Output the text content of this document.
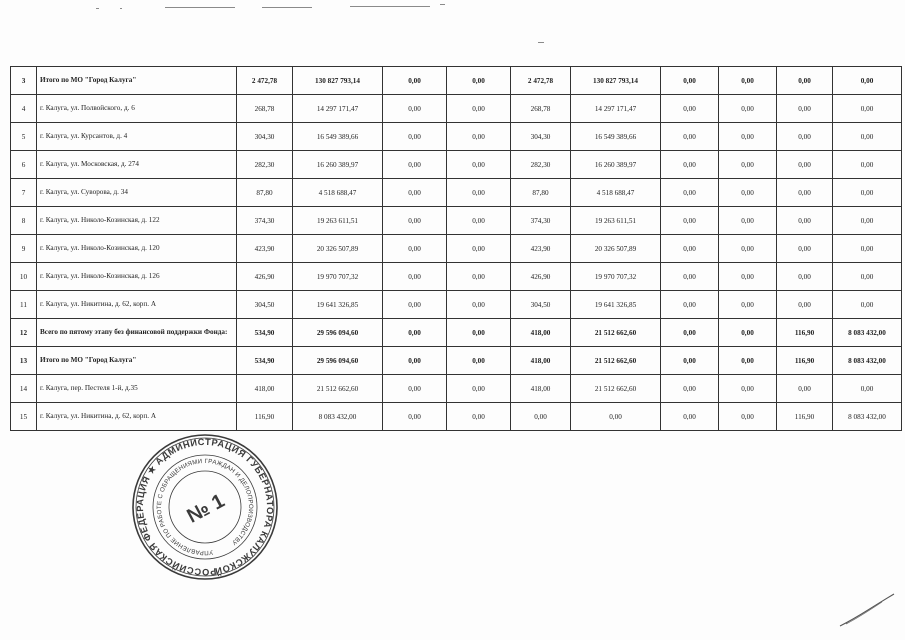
3	Итого по МО "Город Калуга"	2 472,78	130 827 793,14	0,00	0,00	2 472,78	130 827 793,14	0,00	0,00	0,00	0,00
4	г. Калуга, ул. Полвойского, д. 6	268,78	14 297 171,47	0,00	0,00	268,78	14 297 171,47	0,00	0,00	0,00	0,00
5	г. Калуга, ул. Курсантов, д. 4	304,30	16 549 389,66	0,00	0,00	304,30	16 549 389,66	0,00	0,00	0,00	0,00
6	г. Калуга, ул. Московская, д. 274	282,30	16 260 389,97	0,00	0,00	282,30	16 260 389,97	0,00	0,00	0,00	0,00
7	г. Калуга, ул. Суворова, д. 34	87,80	4 518 688,47	0,00	0,00	87,80	4 518 688,47	0,00	0,00	0,00	0,00
8	г. Калуга, ул. Николо-Козинская, д. 122	374,30	19 263 611,51	0,00	0,00	374,30	19 263 611,51	0,00	0,00	0,00	0,00
9	г. Калуга, ул. Николо-Козинская, д. 120	423,90	20 326 507,89	0,00	0,00	423,90	20 326 507,89	0,00	0,00	0,00	0,00
10	г. Калуга, ул. Николо-Козинская, д. 126	426,90	19 970 707,32	0,00	0,00	426,90	19 970 707,32	0,00	0,00	0,00	0,00
11	г. Калуга, ул. Никитина, д. 62, корп. А	304,50	19 641 326,85	0,00	0,00	304,50	19 641 326,85	0,00	0,00	0,00	0,00
12	Всего по пятому этапу без финансовой поддержки Фонда:	534,90	29 596 094,60	0,00	0,00	418,00	21 512 662,60	0,00	0,00	116,90	8 083 432,00
13	Итого по МО "Город Калуга"	534,90	29 596 094,60	0,00	0,00	418,00	21 512 662,60	0,00	0,00	116,90	8 083 432,00
14	г. Калуга, пер. Пестеля 1-й, д.35	418,00	21 512 662,60	0,00	0,00	418,00	21 512 662,60	0,00	0,00	0,00	0,00
15	г. Калуга, ул. Никитина, д. 62, корп. А	116,90	8 083 432,00	0,00	0,00	0,00	0,00	0,00	0,00	116,90	8 083 432,00
РОССИЙСКАЯ ФЕДЕРАЦИЯ ★ АДМИНИСТРАЦИЯ ГУБЕРНАТОРА КАЛУЖСКОЙ
УПРАВЛЕНИЕ ПО РАБОТЕ С ОБРАЩЕНИЯМИ ГРАЖДАН И ДЕЛОПРОИЗВОДСТВУ
№ 1
